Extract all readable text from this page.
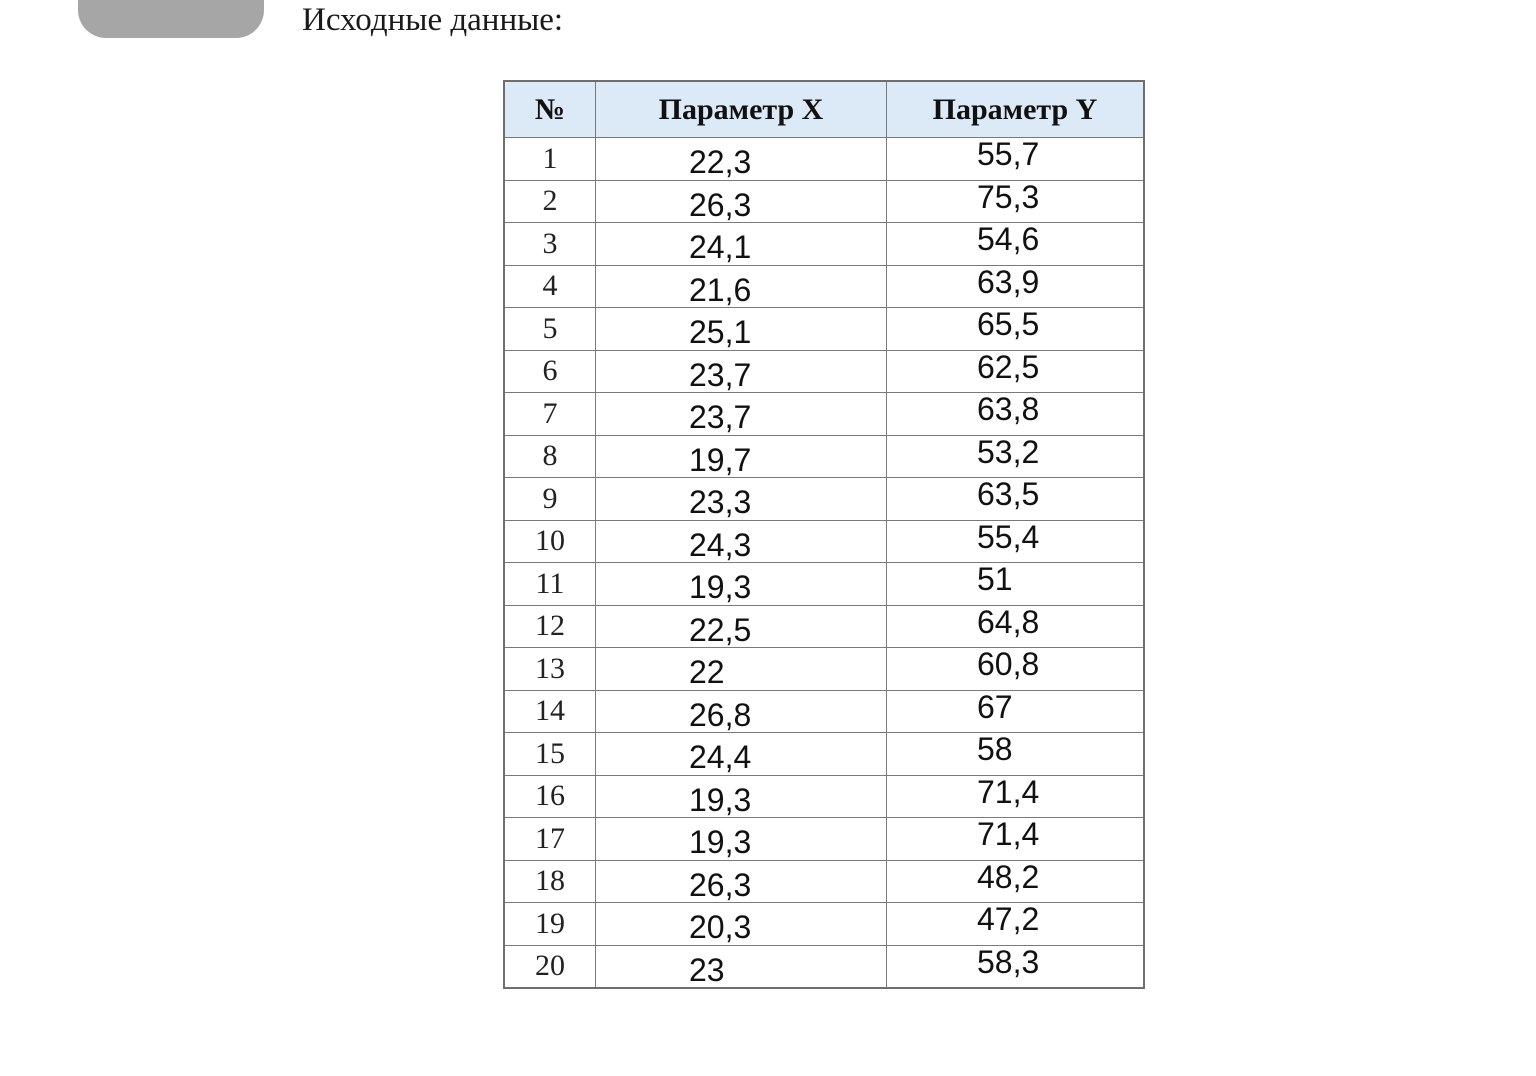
Исходные данные:
№	Параметр X	Параметр Y
1	22,3	55,7
2	26,3	75,3
3	24,1	54,6
4	21,6	63,9
5	25,1	65,5
6	23,7	62,5
7	23,7	63,8
8	19,7	53,2
9	23,3	63,5
10	24,3	55,4
11	19,3	51
12	22,5	64,8
13	22	60,8
14	26,8	67
15	24,4	58
16	19,3	71,4
17	19,3	71,4
18	26,3	48,2
19	20,3	47,2
20	23	58,3
